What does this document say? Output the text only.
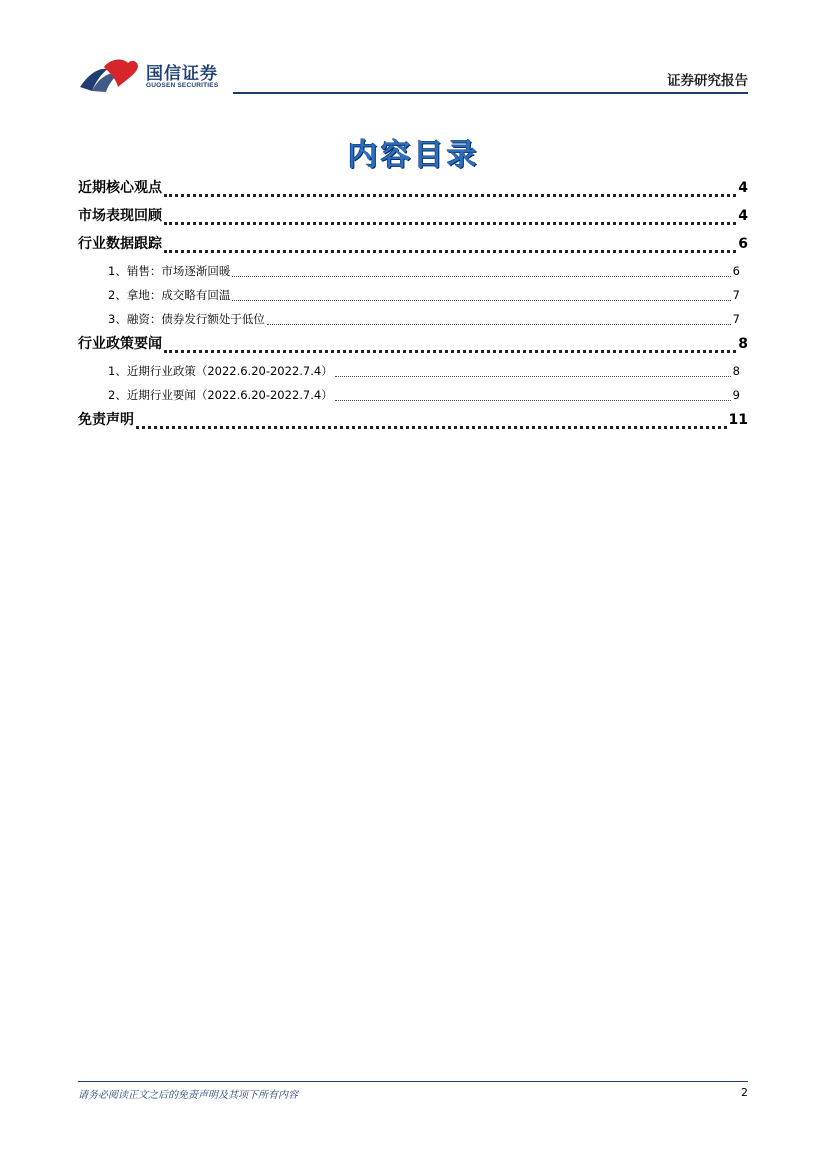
国信证券
GUOSEN SECURITIES	证券研究报告
内容目录
近期核心观点	4
市场表现回顾	4
行业数据跟踪	6
1、销售：市场逐渐回暖	6
2、拿地：成交略有回温	7
3、融资：债券发行额处于低位	7
行业政策要闻	8
1、近期行业政策（2022.6.20-2022.7.4）	8
2、近期行业要闻（2022.6.20-2022.7.4）	9
免责声明	11
请务必阅读正文之后的免责声明及其项下所有内容	2
